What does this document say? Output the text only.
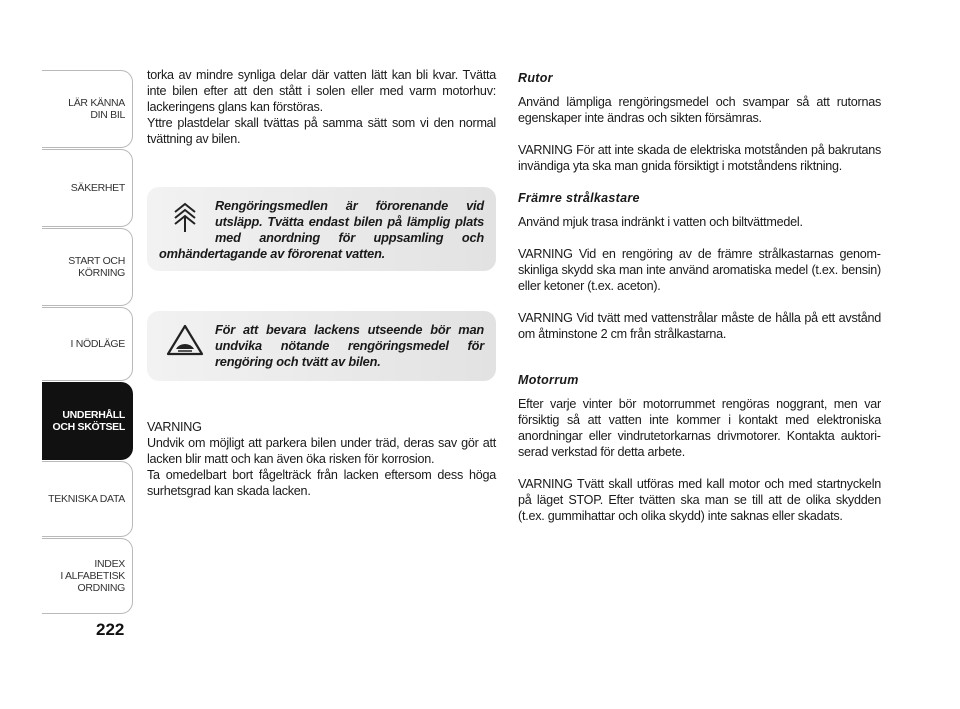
LÄR KÄNNA
DIN BIL
SÄKERHET
START OCH
KÖRNING
I NÖDLÄGE
UNDERHÅLL
OCH SKÖTSEL
TEKNISKA DATA
INDEX
I ALFABETISK
ORDNING
222

torka av mindre synliga delar där vatten lätt kan bli kvar. Tvätta inte bilen efter att den stått i solen eller med varm motorhuv: lackeringens glans kan förstöras.

Yttre plastdelar skall tvättas på samma sätt som vi den normal tvättning av bilen.

Rengöringsmedlen är förorenande vid utsläpp. Tvätta endast bilen på lämplig plats med anordning för uppsamling och omhändertagande av förorenat vatten.

För att bevara lackens utseende bör man undvika nötande rengöringsmedel för rengöring och tvätt av bilen.

VARNING

Undvik om möjligt att parkera bilen under träd, deras sav gör att lacken blir matt och kan även öka risken för korrosion.

Ta omedelbart bort fågelträck från lacken eftersom dess höga surhetsgrad kan skada lacken.

Rutor

Använd lämpliga rengöringsmedel och svampar så att rutornas egenskaper inte ändras och sikten försämras.

VARNING För att inte skada de elektriska motstånden på bakrutans invändiga yta ska man gnida försiktigt i motståndens riktning.

Främre strålkastare

Använd mjuk trasa indränkt i vatten och biltvättmedel.

VARNING Vid en rengöring av de främre strålkastarnas genomskinliga skydd ska man inte använd aromatiska medel (t.ex. bensin) eller ketoner (t.ex. aceton).

VARNING Vid tvätt med vattenstrålar måste de hålla på ett avstånd om åtminstone 2 cm från strålkastarna.

Motorrum

Efter varje vinter bör motorrummet rengöras noggrant, men var försiktig så att vatten inte kommer i kontakt med elektroniska anordningar eller vindrutetorkarnas drivmotorer. Kontakta auktoriserad verkstad för detta arbete.

VARNING Tvätt skall utföras med kall motor och med startnyckeln på läget STOP. Efter tvätten ska man se till att de olika skydden (t.ex. gummihattar och olika skydd) inte saknas eller skadats.
